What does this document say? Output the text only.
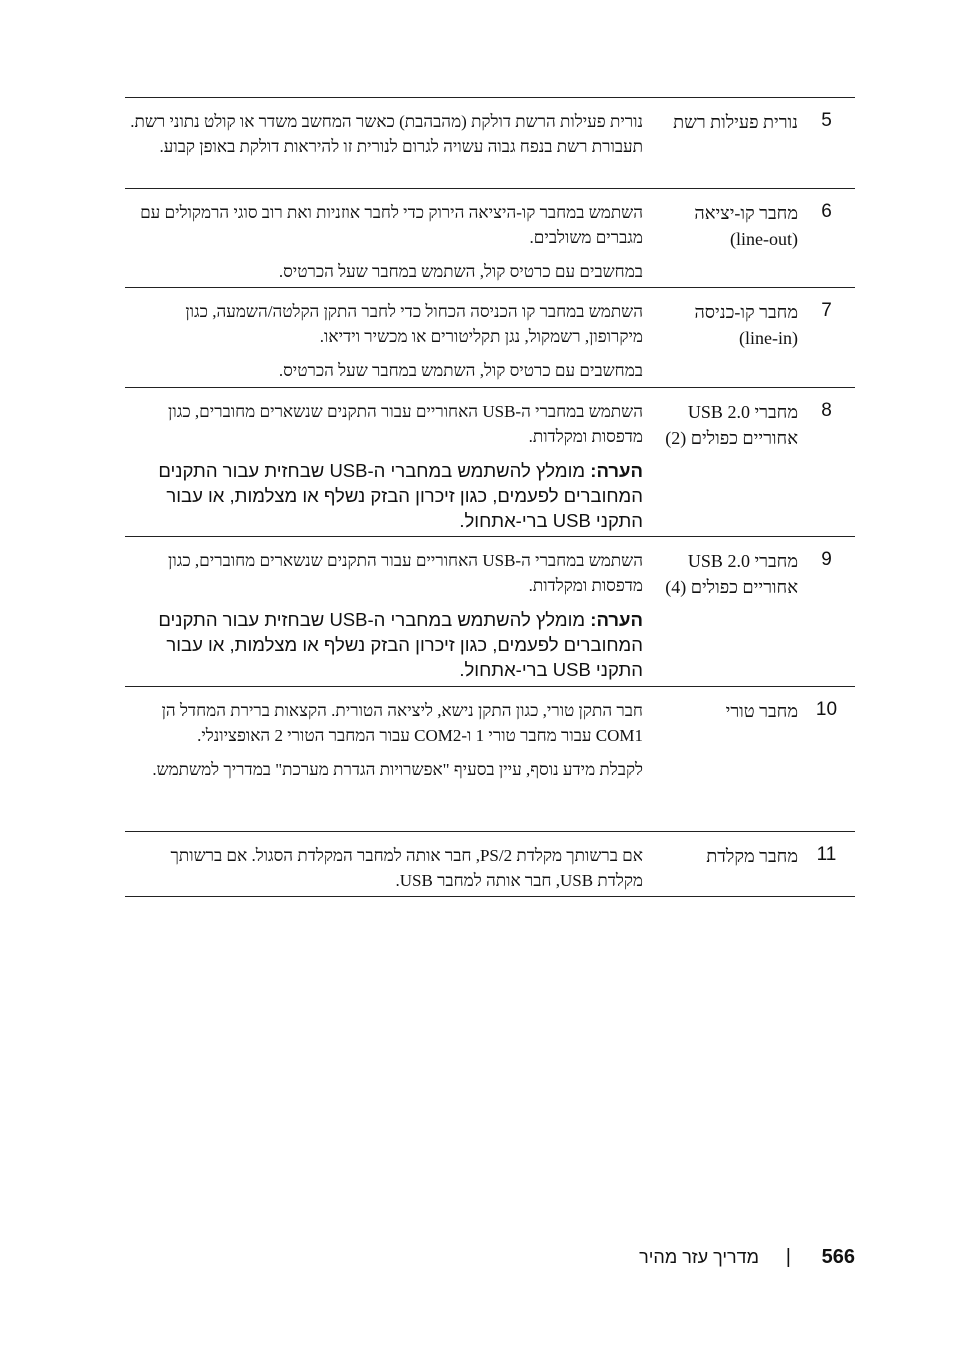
5
נורית פעילות רשת

נורית פעילות הרשת דולקת (מהבהבת) כאשר המחשב משדר או קולט נתוני רשת. תעבורת רשת בנפח גבוה עשויה לגרום לנורית זו להיראות דולקת באופן קבוע.

6
מחבר קו-יציאה
(line-out)

השתמש במחבר קו-היציאה הירוק כדי לחבר אוזניות ואת רוב סוגי הרמקולים עם מגברים משולבים.

במחשבים עם כרטיס קול, השתמש במחבר שעל הכרטיס.

7
מחבר קו-כניסה
(line-in)

השתמש במחבר קו הכניסה הכחול כדי לחבר התקן הקלטה/השמעה, כגון מיקרופון, רשמקול, נגן תקליטורים או מכשיר וידיאו.

במחשבים עם כרטיס קול, השתמש במחבר שעל הכרטיס.

8
מחברי USB 2.0
אחוריים כפולים (2)

השתמש במחברי ה-USB האחוריים עבור התקנים שנשארים מחוברים, כגון מדפסות ומקלדות.

הערה: מומלץ להשתמש במחברי ה-USB שבחזית עבור התקנים המחוברים לפעמים, כגון זיכרון הבזק נשלף או מצלמות, או עבור התקני USB ברי-אתחול.

9
מחברי USB 2.0
אחוריים כפולים (4)

השתמש במחברי ה-USB האחוריים עבור התקנים שנשארים מחוברים, כגון מדפסות ומקלדות.

הערה: מומלץ להשתמש במחברי ה-USB שבחזית עבור התקנים המחוברים לפעמים, כגון זיכרון הבזק נשלף או מצלמות, או עבור התקני USB ברי-אתחול.

10
מחבר טורי

חבר התקן טורי, כגון התקן נישא, ליציאה הטורית. הקצאות ברירת המחדל הן COM1 עבור מחבר טורי 1 ו-COM2 עבור המחבר הטורי 2 האופציונלי.

לקבלת מידע נוסף, עיין בסעיף "אפשרויות הגדרת מערכת" במדריך למשתמש.

11
מחבר מקלדת

אם ברשותך מקלדת PS/2, חבר אותה למחבר המקלדת הסגול. אם ברשותך מקלדת USB, חבר אותה למחבר USB.

566
|
מדריך עזר מהיר
